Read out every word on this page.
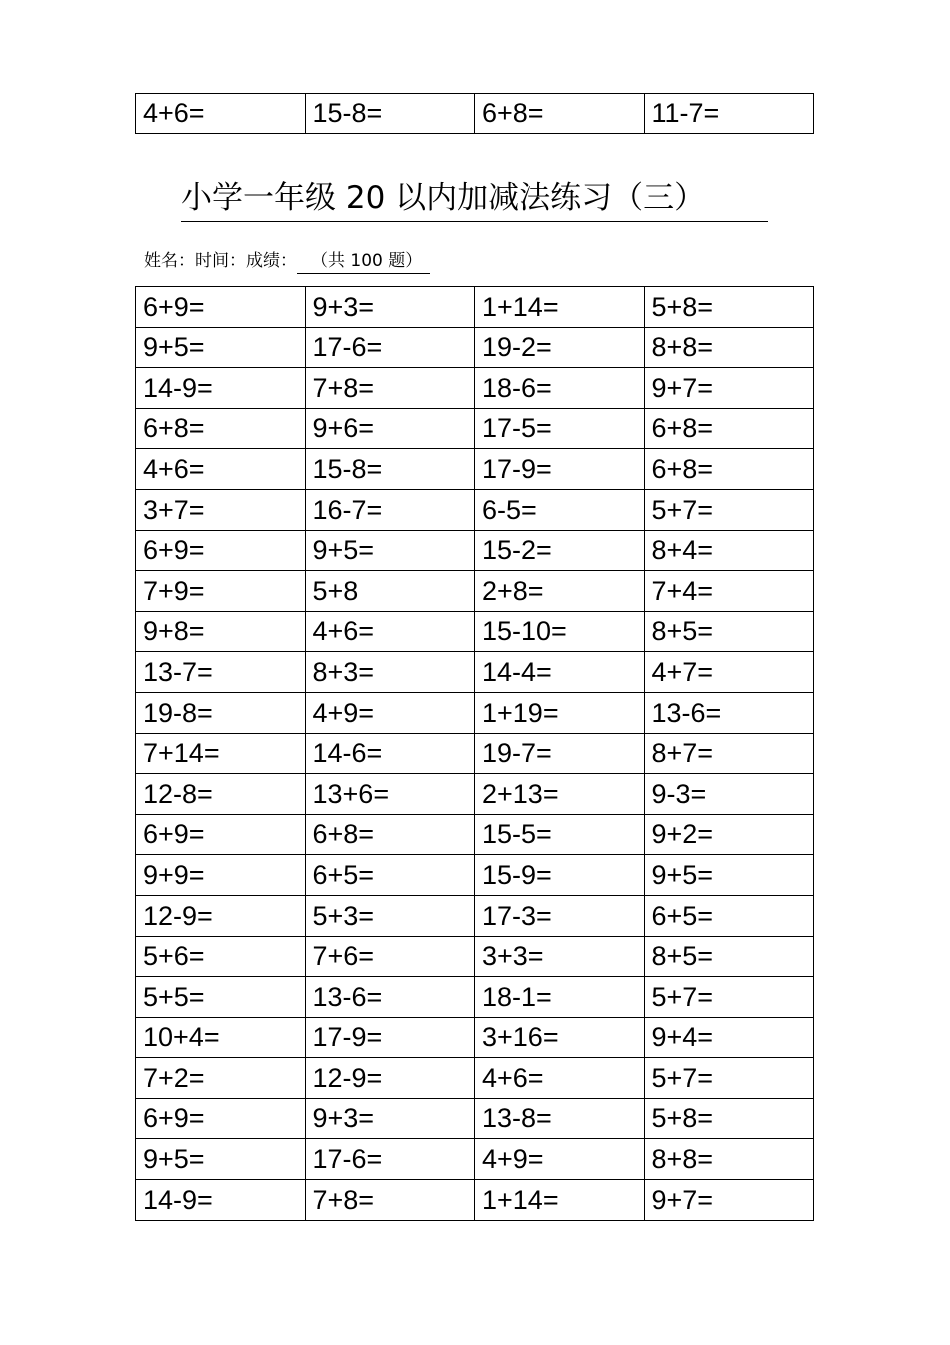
4+6=	15-8=	6+8=	11-7=
小学一年级 20 以内加减法练习（三）
姓名：时间：成绩： （共 100 题）
6+9=	9+3=	1+14=	5+8=
9+5=	17-6=	19-2=	8+8=
14-9=	7+8=	18-6=	9+7=
6+8=	9+6=	17-5=	6+8=
4+6=	15-8=	17-9=	6+8=
3+7=	16-7=	6-5=	5+7=
6+9=	9+5=	15-2=	8+4=
7+9=	5+8	2+8=	7+4=
9+8=	4+6=	15-10=	8+5=
13-7=	8+3=	14-4=	4+7=
19-8=	4+9=	1+19=	13-6=
7+14=	14-6=	19-7=	8+7=
12-8=	13+6=	2+13=	9-3=
6+9=	6+8=	15-5=	9+2=
9+9=	6+5=	15-9=	9+5=
12-9=	5+3=	17-3=	6+5=
5+6=	7+6=	3+3=	8+5=
5+5=	13-6=	18-1=	5+7=
10+4=	17-9=	3+16=	9+4=
7+2=	12-9=	4+6=	5+7=
6+9=	9+3=	13-8=	5+8=
9+5=	17-6=	4+9=	8+8=
14-9=	7+8=	1+14=	9+7=
